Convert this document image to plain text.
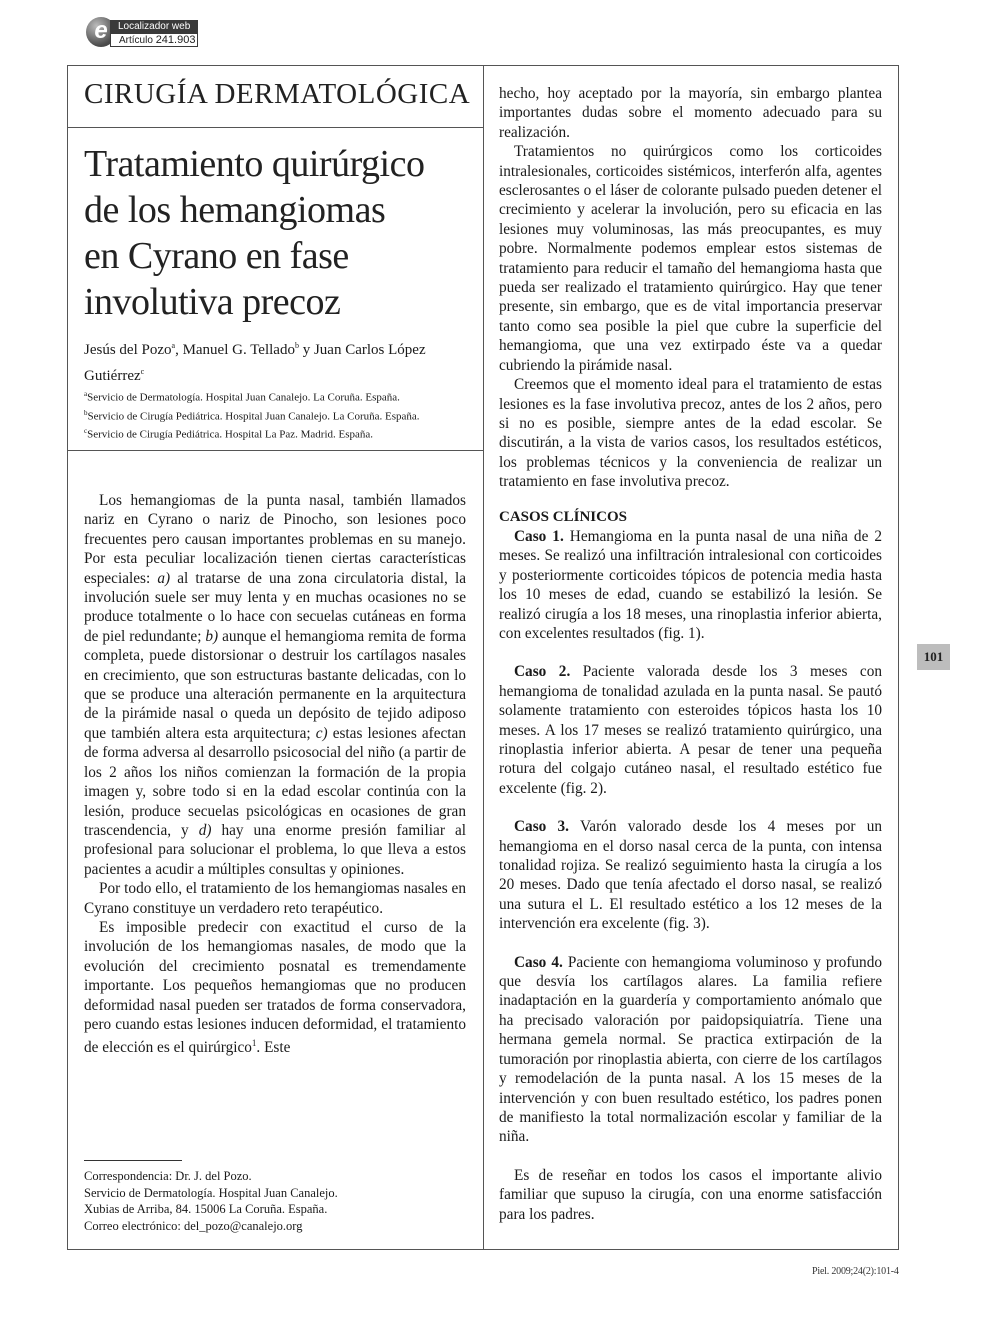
e	Localizador web
Artículo 241.903
CIRUGÍA DERMATOLÓGICA
Tratamiento quirúrgico
de los hemangiomas
en Cyrano en fase
involutiva precoz

Jesús del Pozo$^a$, Manuel G. Tellado$^b$ y Juan Carlos López Gutiérrez$^c$

$^a$Servicio de Dermatología. Hospital Juan Canalejo. La Coruña. España.

$^b$Servicio de Cirugía Pediátrica. Hospital Juan Canalejo. La Coruña. España.

$^c$Servicio de Cirugía Pediátrica. Hospital La Paz. Madrid. España.

Los hemangiomas de la punta nasal, también llamados nariz en Cyrano o nariz de Pinocho, son lesiones poco frecuentes pero causan importantes problemas en su manejo. Por esta peculiar localización tienen ciertas características especiales: a) al tratarse de una zona circulatoria distal, la involución suele ser muy lenta y en muchas ocasiones no se produce totalmente o lo hace con secuelas cutáneas en forma de piel redundante; b) aunque el hemangioma remita de forma completa, puede distorsionar o destruir los cartílagos nasales en crecimiento, que son estructuras bastante delicadas, con lo que se produce una alteración permanente en la arquitectura de la pirámide nasal o queda un depósito de tejido adiposo que también altera esta arquitectura; c) estas lesiones afectan de forma adversa al desarrollo psicosocial del niño (a partir de los 2 años los niños comienzan la formación de la propia imagen y, sobre todo si en la edad escolar continúa con la lesión, produce secuelas psicológicas en ocasiones de gran trascendencia, y d) hay una enorme presión familiar al profesional para solucionar el problema, lo que lleva a estos pacientes a acudir a múltiples consultas y opiniones.

Por todo ello, el tratamiento de los hemangiomas nasales en Cyrano constituye un verdadero reto terapéutico.

Es imposible predecir con exactitud el curso de la involución de los hemangiomas nasales, de modo que la evolución del crecimiento posnatal es tremendamente importante. Los pequeños hemangiomas que no producen deformidad nasal pueden ser tratados de forma conservadora, pero cuando estas lesiones inducen deformidad, el tratamiento de elección es el quirúrgico$^1$. Este

Correspondencia: Dr. J. del Pozo.

Servicio de Dermatología. Hospital Juan Canalejo.

Xubias de Arriba, 84. 15006 La Coruña. España.

Correo electrónico: del_pozo@canalejo.org

hecho, hoy aceptado por la mayoría, sin embargo plantea importantes dudas sobre el momento adecuado para su realización.

Tratamientos no quirúrgicos como los corticoides intralesionales, corticoides sistémicos, interferón alfa, agentes esclerosantes o el láser de colorante pulsado pueden detener el crecimiento y acelerar la involución, pero su eficacia en las lesiones muy voluminosas, las más preocupantes, es muy pobre. Normalmente podemos emplear estos sistemas de tratamiento para reducir el tamaño del hemangioma hasta que pueda ser realizado el tratamiento quirúrgico. Hay que tener presente, sin embargo, que es de vital importancia preservar tanto como sea posible la piel que cubre la superficie del hemangioma, que una vez extirpado éste va a quedar cubriendo la pirámide nasal.

Creemos que el momento ideal para el tratamiento de estas lesiones es la fase involutiva precoz, antes de los 2 años, pero si no es posible, siempre antes de la edad escolar. Se discutirán, a la vista de varios casos, los resultados estéticos, los problemas técnicos y la conveniencia de realizar un tratamiento en fase involutiva precoz.

CASOS CLÍNICOS

Caso 1. Hemangioma en la punta nasal de una niña de 2 meses. Se realizó una infiltración intralesional con corticoides y posteriormente corticoides tópicos de potencia media hasta los 10 meses de edad, cuando se estabilizó la lesión. Se realizó cirugía a los 18 meses, una rinoplastia inferior abierta, con excelentes resultados (fig. 1).

Caso 2. Paciente valorada desde los 3 meses con hemangioma de tonalidad azulada en la punta nasal. Se pautó solamente tratamiento con esteroides tópicos hasta los 10 meses. A los 17 meses se realizó tratamiento quirúrgico, una rinoplastia inferior abierta. A pesar de tener una pequeña rotura del colgajo cutáneo nasal, el resultado estético fue excelente (fig. 2).

Caso 3. Varón valorado desde los 4 meses por un hemangioma en el dorso nasal cerca de la punta, con intensa tonalidad rojiza. Se realizó seguimiento hasta la cirugía a los 20 meses. Dado que tenía afectado el dorso nasal, se realizó una sutura el L. El resultado estético a los 12 meses de la intervención era excelente (fig. 3).

Caso 4. Paciente con hemangioma voluminoso y profundo que desvía los cartílagos alares. La familia refiere inadaptación en la guardería y comportamiento anómalo que ha precisado valoración por paidopsiquiatría. Tiene una hermana gemela normal. Se practica extirpación de la tumoración por rinoplastia abierta, con cierre de los cartílagos y remodelación de la punta nasal. A los 15 meses de la intervención y con buen resultado estético, los padres ponen de manifiesto la total normalización escolar y familiar de la niña.

Es de reseñar en todos los casos el importante alivio familiar que supuso la cirugía, con una enorme satisfacción para los padres.

101
Piel. 2009;24(2):101-4
